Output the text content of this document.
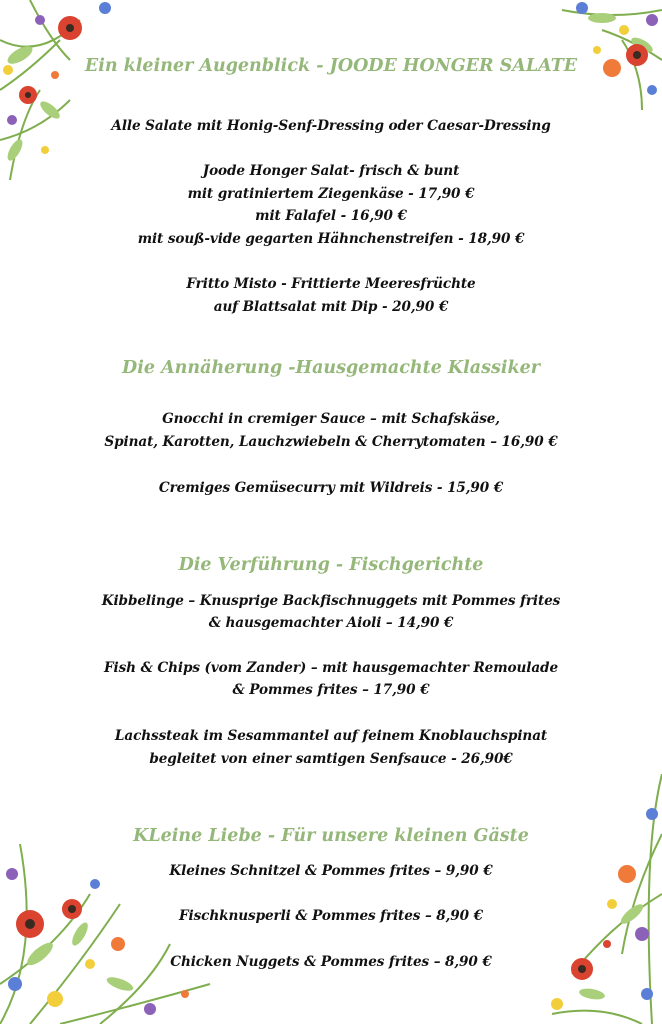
Ein kleiner Augenblick - JOODE HONGER SALATE
Alle Salate mit Honig-Senf-Dressing oder Caesar-Dressing
Joode Honger Salat- frisch & bunt
mit gratiniertem Ziegenkäse - 17,90 €
mit Falafel - 16,90 €
mit souß-vide gegarten Hähnchenstreifen - 18,90 €
Fritto Misto - Frittierte Meeresfrüchte
auf Blattsalat mit Dip - 20,90 €
Die Annäherung -Hausgemachte Klassiker
Gnocchi in cremiger Sauce – mit Schafskäse,
Spinat, Karotten, Lauchzwiebeln & Cherrytomaten – 16,90 €
Cremiges Gemüsecurry mit Wildreis - 15,90 €
Die Verführung - Fischgerichte
Kibbelinge – Knusprige Backfischnuggets mit Pommes frites
& hausgemachter Aioli – 14,90 €
Fish & Chips (vom Zander) – mit hausgemachter Remoulade
& Pommes frites – 17,90 €
Lachssteak im Sesammantel auf feinem Knoblauchspinat
begleitet von einer samtigen Senfsauce - 26,90€
KLeine Liebe - Für unsere kleinen Gäste
Kleines Schnitzel & Pommes frites – 9,90 €
Fischknusperli & Pommes frites – 8,90 €
Chicken Nuggets & Pommes frites – 8,90 €
